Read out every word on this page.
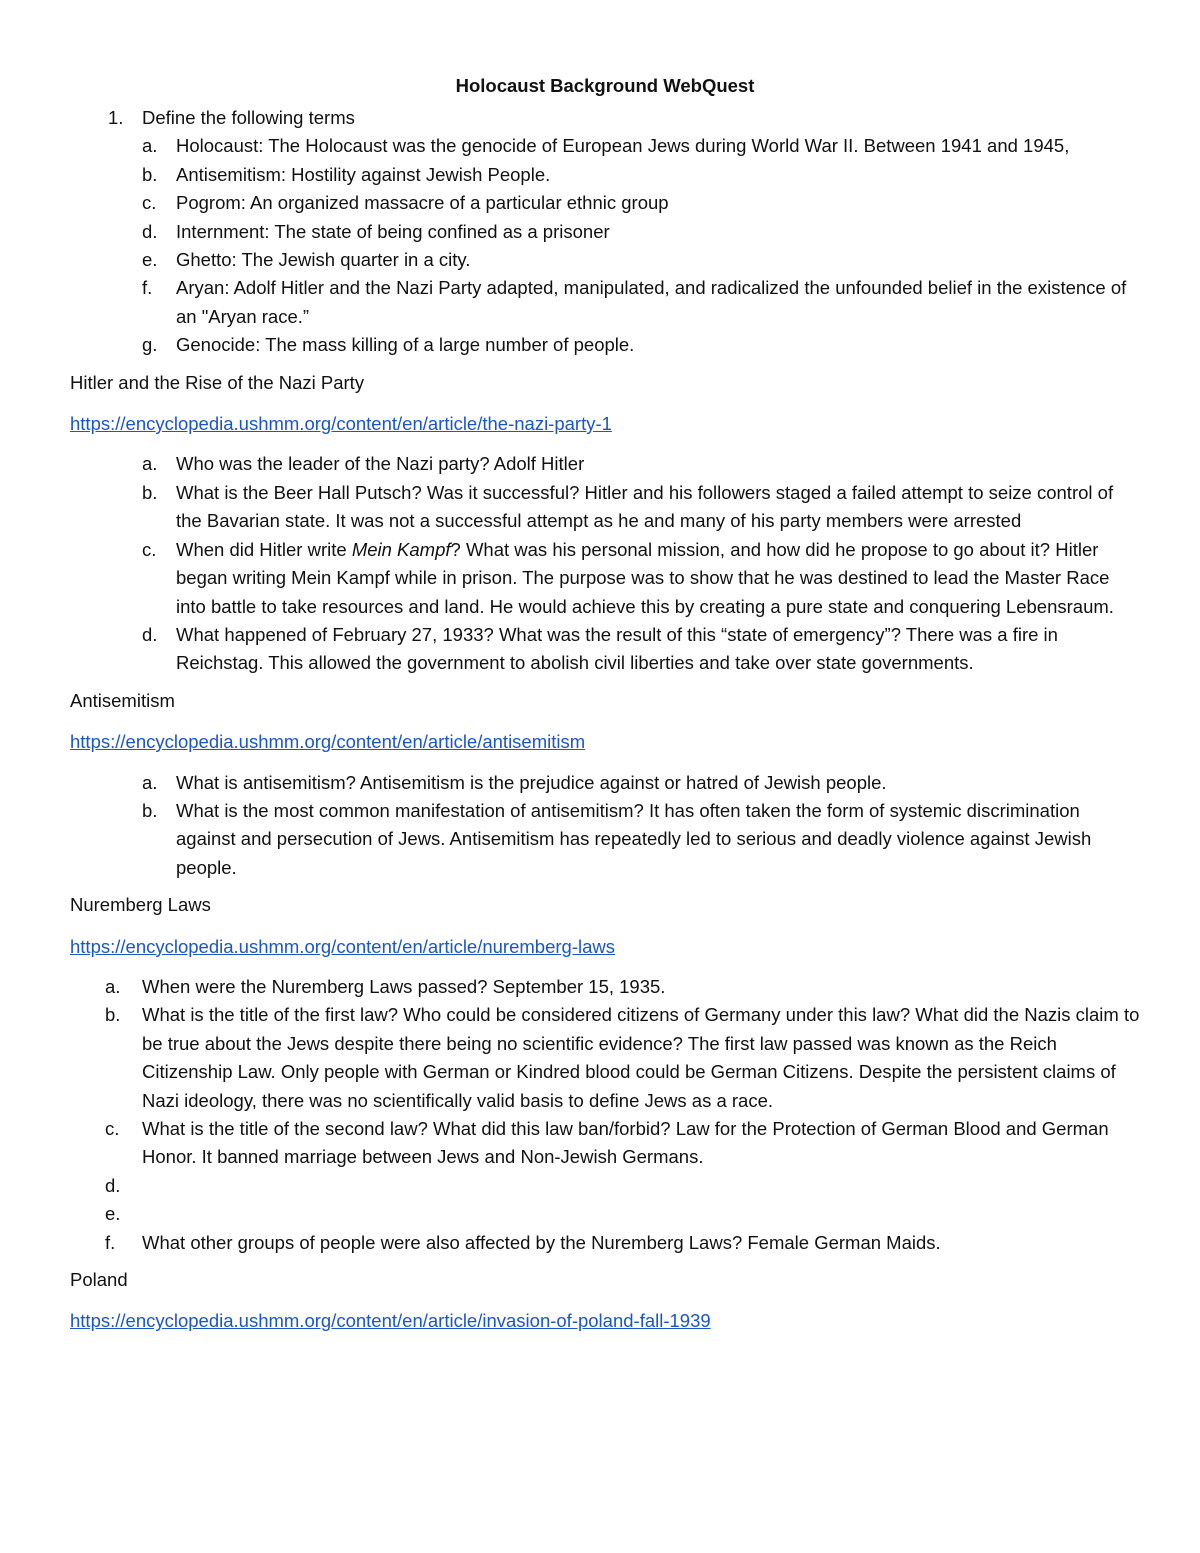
Holocaust Background WebQuest
1.	Define the following terms
a.	Holocaust: The Holocaust was the genocide of European Jews during World War II. Between 1941 and 1945,
b.	Antisemitism: Hostility against Jewish People.
c.	Pogrom: An organized massacre of a particular ethnic group
d.	Internment: The state of being confined as a prisoner
e.	Ghetto: The Jewish quarter in a city.
f.	Aryan: Adolf Hitler and the Nazi Party adapted, manipulated, and radicalized the unfounded belief in the existence of an "Aryan race.”
g.	Genocide: The mass killing of a large number of people.
Hitler and the Rise of the Nazi Party
https://encyclopedia.ushmm.org/content/en/article/the-nazi-party-1
a.	Who was the leader of the Nazi party? Adolf Hitler
b.	What is the Beer Hall Putsch? Was it successful? Hitler and his followers staged a failed attempt to seize control of the Bavarian state. It was not a successful attempt as he and many of his party members were arrested
c.	When did Hitler write Mein Kampf? What was his personal mission, and how did he propose to go about it? Hitler began writing Mein Kampf while in prison. The purpose was to show that he was destined to lead the Master Race into battle to take resources and land. He would achieve this by creating a pure state and conquering Lebensraum.
d.	What happened of February 27, 1933? What was the result of this “state of emergency”? There was a fire in Reichstag. This allowed the government to abolish civil liberties and take over state governments.
Antisemitism
https://encyclopedia.ushmm.org/content/en/article/antisemitism
a.	What is antisemitism? Antisemitism is the prejudice against or hatred of Jewish people.
b.	What is the most common manifestation of antisemitism? It has often taken the form of systemic discrimination against and persecution of Jews. Antisemitism has repeatedly led to serious and deadly violence against Jewish people.
Nuremberg Laws
https://encyclopedia.ushmm.org/content/en/article/nuremberg-laws
a.	When were the Nuremberg Laws passed? September 15, 1935.
b.	What is the title of the first law? Who could be considered citizens of Germany under this law? What did the Nazis claim to be true about the Jews despite there being no scientific evidence? The first law passed was known as the Reich Citizenship Law. Only people with German or Kindred blood could be German Citizens. Despite the persistent claims of Nazi ideology, there was no scientifically valid basis to define Jews as a race.
c.	What is the title of the second law? What did this law ban/forbid? Law for the Protection of German Blood and German Honor. It banned marriage between Jews and Non-Jewish Germans.
d.
e.
f.	What other groups of people were also affected by the Nuremberg Laws? Female German Maids.
Poland
https://encyclopedia.ushmm.org/content/en/article/invasion-of-poland-fall-1939
